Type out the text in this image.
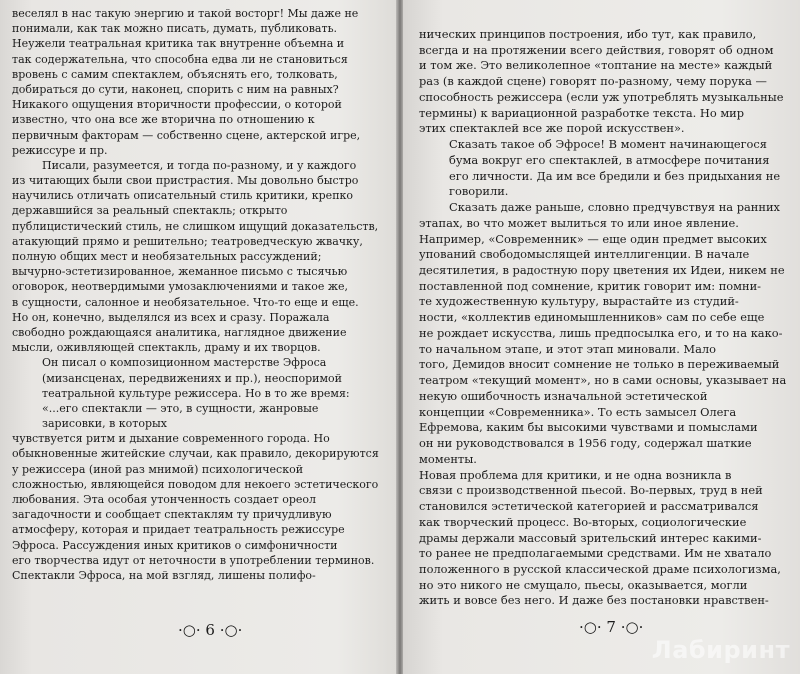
веселял в нас такую энергию и такой восторг! Мы даже не
понимали, как так можно писать, думать, публиковать.
Неужели театральная критика так внутренне объемна и
так содержательна, что способна едва ли не становиться
вровень с самим спектаклем, объяснять его, толковать,
добираться до сути, наконец, спорить с ним на равных?
Никакого ощущения вторичности профессии, о которой
известно, что она все же вторична по отношению к первичным факторам — собственно сцене, актерской игре,
режиссуре и пр.
Писали, разумеется, и тогда по-разному, и у каждого
из читающих были свои пристрастия. Мы довольно быстро
научились отличать описательный стиль критики, крепко державшийся за реальный спектакль; открыто публицистический стиль, не слишком ищущий доказательств,
атакующий прямо и решительно; театроведческую жвачку, полную общих мест и необязательных рассуждений;
вычурно-эстетизированное, жеманное письмо с тысячью
оговорок, неотвердимыми умозаключениями и такое же,
в сущности, салонное и необязательное. Что-то еще и еще.
Но он, конечно, выделялся из всех и сразу. Поражала свободно рождающаяся аналитика, наглядное движение
мысли, оживляющей спектакль, драму и их творцов.
Он писал о композиционном мастерстве Эфроса (мизансценах, передвижениях и пр.), неоспоримой театральной культуре режиссера. Но в то же время: «...его спектакли — это, в сущности, жанровые зарисовки, в которых
чувствуется ритм и дыхание современного города. Но
обыкновенные житейские случаи, как правило, декорируются у режиссера (иной раз мнимой) психологической
сложностью, являющейся поводом для некоего эстетического любования. Эта особая утонченность создает ореол загадочности и сообщает спектаклям ту причудливую
атмосферу, которая и придает театральность режиссуре
Эфроса. Рассуждения иных критиков о симфоничности
его творчества идут от неточности в употреблении терминов. Спектакли Эфроса, на мой взгляд, лишены полифо-
·○· 6 ·○·
нических принципов построения, ибо тут, как правило,
всегда и на протяжении всего действия, говорят об одном
и том же. Это великолепное «топтание на месте» каждый
раз (в каждой сцене) говорят по-разному, чему порука —
способность режиссера (если уж употреблять музыкальные термины) к вариационной разработке текста. Но мир
этих спектаклей все же порой искусствен».
Сказать такое об Эфросе! В момент начинающегося бума вокруг его спектаклей, в атмосфере почитания его личности. Да им все бредили и без придыхания не говорили.
Сказать даже раньше, словно предчувствуя на ранних
этапах, во что может вылиться то или иное явление.
Например, «Современник» — еще один предмет высоких
упований свободомыслящей интеллигенции. В начале десятилетия, в радостную пору цветения их Идеи, никем не
поставленной под сомнение, критик говорит им: помни-
те художественную культуру, вырастайте из студий-
ности, «коллектив единомышленников» сам по себе еще
не рождает искусства, лишь предпосылка его, и то на како-
то начальном этапе, и этот этап миновали. Мало
того, Демидов вносит сомнение не только в переживаемый театром «текущий момент», но в сами основы, указывает на некую ошибочность изначальной эстетической
концепции «Современника». То есть замысел Олега
Ефремова, каким бы высокими чувствами и помыслами
он ни руководствовался в 1956 году, содержал шаткие
моменты.
Новая проблема для критики, и не одна возникла в
связи с производственной пьесой. Во-первых, труд в ней
становился эстетической категорией и рассматривался
как творческий процесс. Во-вторых, социологические
драмы держали массовый зрительский интерес какими-
то ранее не предполагаемыми средствами. Им не хватало
положенного в русской классической драме психологизма, но это никого не смущало, пьесы, оказывается, могли
жить и вовсе без него. И даже без постановки нравствен-
·○· 7 ·○·
Лабиринт
